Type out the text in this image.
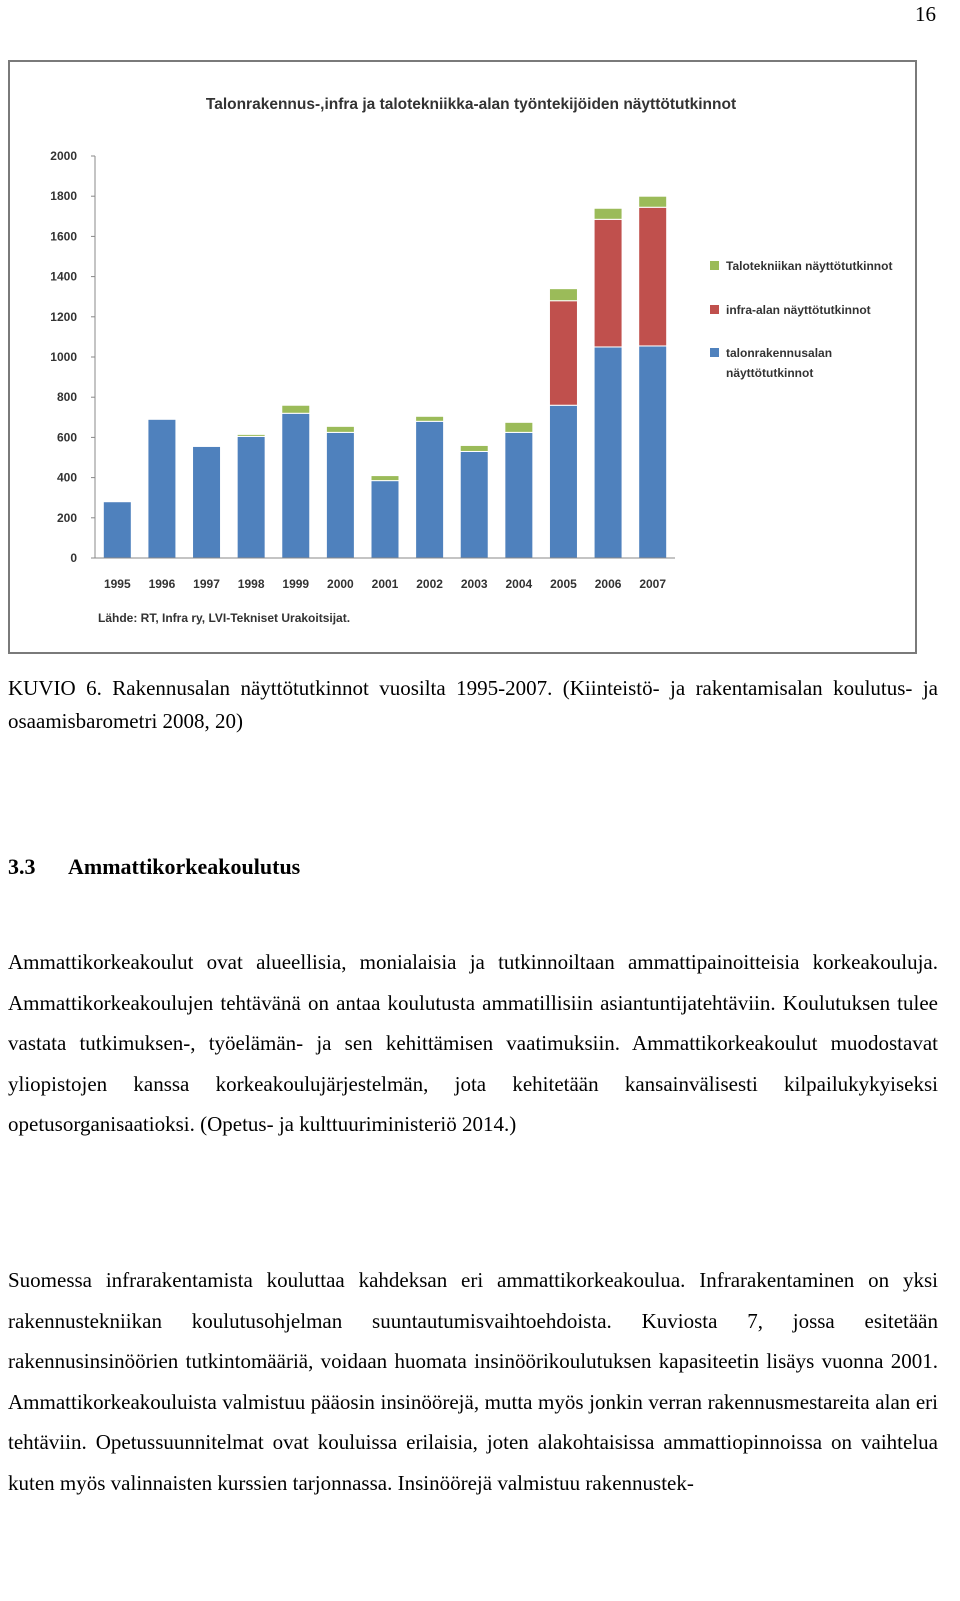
16
Talonrakennus-,infra ja talotekniikka-alan työntekijöiden näyttötutkinnot
0
200
400
600
800
1000
1200
1400
1600
1800
2000
1995 1996 1997 1998 1999 2000 2001 2002 2003 2004 2005 2006 2007
Talotekniikan näyttötutkinnot
infra-alan näyttötutkinnot
talonrakennusalan
näyttötutkinnot
Lähde: RT, Infra ry, LVI-Tekniset Urakoitsijat.
KUVIO 6. Rakennusalan näyttötutkinnot vuosilta 1995-2007. (Kiinteistö- ja rakentamisalan koulutus- ja osaamisbarometri 2008, 20)
3.3 Ammattikorkeakoulutus
Ammattikorkeakoulut ovat alueellisia, monialaisia ja tutkinnoiltaan ammattipainoitteisia korkeakouluja. Ammattikorkeakoulujen tehtävänä on antaa koulutusta ammatillisiin asiantuntijatehtäviin. Koulutuksen tulee vastata tutkimuksen-, työelämän- ja sen kehittämisen vaatimuksiin. Ammattikorkeakoulut muodostavat yliopistojen kanssa korkeakoulujärjestelmän, jota kehitetään kansainvälisesti kilpailukykyiseksi opetusorganisaatioksi. (Opetus- ja kulttuuriministeriö 2014.)
Suomessa infrarakentamista kouluttaa kahdeksan eri ammattikorkeakoulua. Infrarakentaminen on yksi rakennustekniikan koulutusohjelman suuntautumisvaihtoehdoista. Kuviosta 7, jossa esitetään rakennusinsinöörien tutkintomääriä, voidaan huomata insinöörikoulutuksen kapasiteetin lisäys vuonna 2001. Ammattikorkeakouluista valmistuu pääosin insinöörejä, mutta myös jonkin verran rakennusmestareita alan eri tehtäviin. Opetussuunnitelmat ovat kouluissa erilaisia, joten alakohtaisissa ammattiopinnoissa on vaihtelua kuten myös valinnaisten kurssien tarjonnassa. Insinöörejä valmistuu rakennustek-
